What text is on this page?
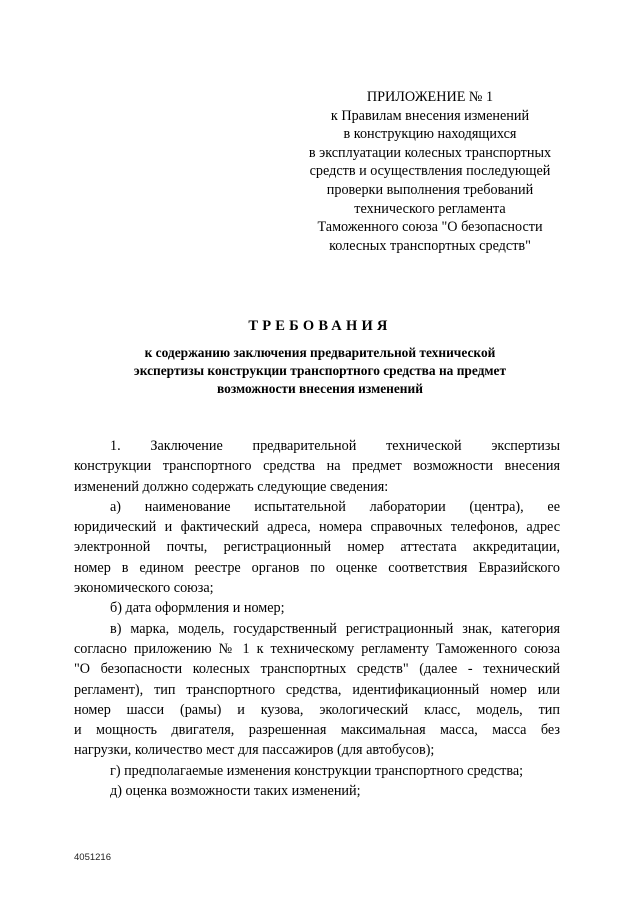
ПРИЛОЖЕНИЕ № 1
к Правилам внесения изменений
в конструкцию находящихся
в эксплуатации колесных транспортных
средств и осуществления последующей
проверки выполнения требований
технического регламента
Таможенного союза "О безопасности
колесных транспортных средств"
ТРЕБОВАНИЯ
к содержанию заключения предварительной технической
экспертизы конструкции транспортного средства на предмет
возможности внесения изменений
1. Заключение предварительной технической экспертизы
конструкции транспортного средства на предмет возможности внесения
изменений должно содержать следующие сведения:
а) наименование испытательной лаборатории (центра), ее
юридический и фактический адреса, номера справочных телефонов, адрес
электронной почты, регистрационный номер аттестата аккредитации,
номер в едином реестре органов по оценке соответствия Евразийского
экономического союза;
б) дата оформления и номер;
в) марка, модель, государственный регистрационный знак, категория
согласно приложению № 1 к техническому регламенту Таможенного союза
"О безопасности колесных транспортных средств" (далее - технический
регламент), тип транспортного средства, идентификационный номер или
номер шасси (рамы) и кузова, экологический класс, модель, тип
и мощность двигателя, разрешенная максимальная масса, масса без
нагрузки, количество мест для пассажиров (для автобусов);
г) предполагаемые изменения конструкции транспортного средства;
д) оценка возможности таких изменений;
4051216
